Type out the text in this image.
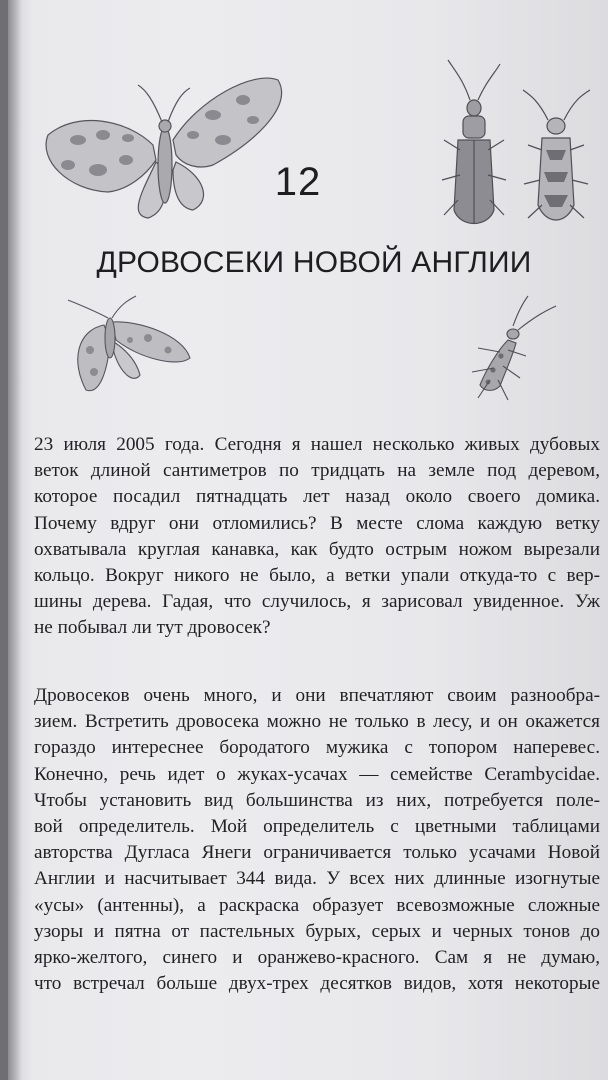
12
ДРОВОСЕКИ НОВОЙ АНГЛИИ
23 июля 2005 года. Сегодня я нашел несколько живых дубовых
веток длиной сантиметров по тридцать на земле под деревом,
которое посадил пятнадцать лет назад около своего домика.
Почему вдруг они отломились? В месте слома каждую ветку
охватывала круглая канавка, как будто острым ножом вырезали
кольцо. Вокруг никого не было, а ветки упали откуда-то с вер-
шины дерева. Гадая, что случилось, я зарисовал увиденное. Уж
не побывал ли тут дровосек?
Дровосеков очень много, и они впечатляют своим разнообра-
зием. Встретить дровосека можно не только в лесу, и он окажется
гораздо интереснее бородатого мужика с топором наперевес.
Конечно, речь идет о жуках-усачах — семействе Cerambycidae.
Чтобы установить вид большинства из них, потребуется поле-
вой определитель. Мой определитель с цветными таблицами
авторства Дугласа Янеги ограничивается только усачами Новой
Англии и насчитывает 344 вида. У всех них длинные изогнутые
«усы» (антенны), а раскраска образует всевозможные сложные
узоры и пятна от пастельных бурых, серых и черных тонов до
ярко-желтого, синего и оранжево-красного. Сам я не думаю,
что встречал больше двух-трех десятков видов, хотя некоторые
